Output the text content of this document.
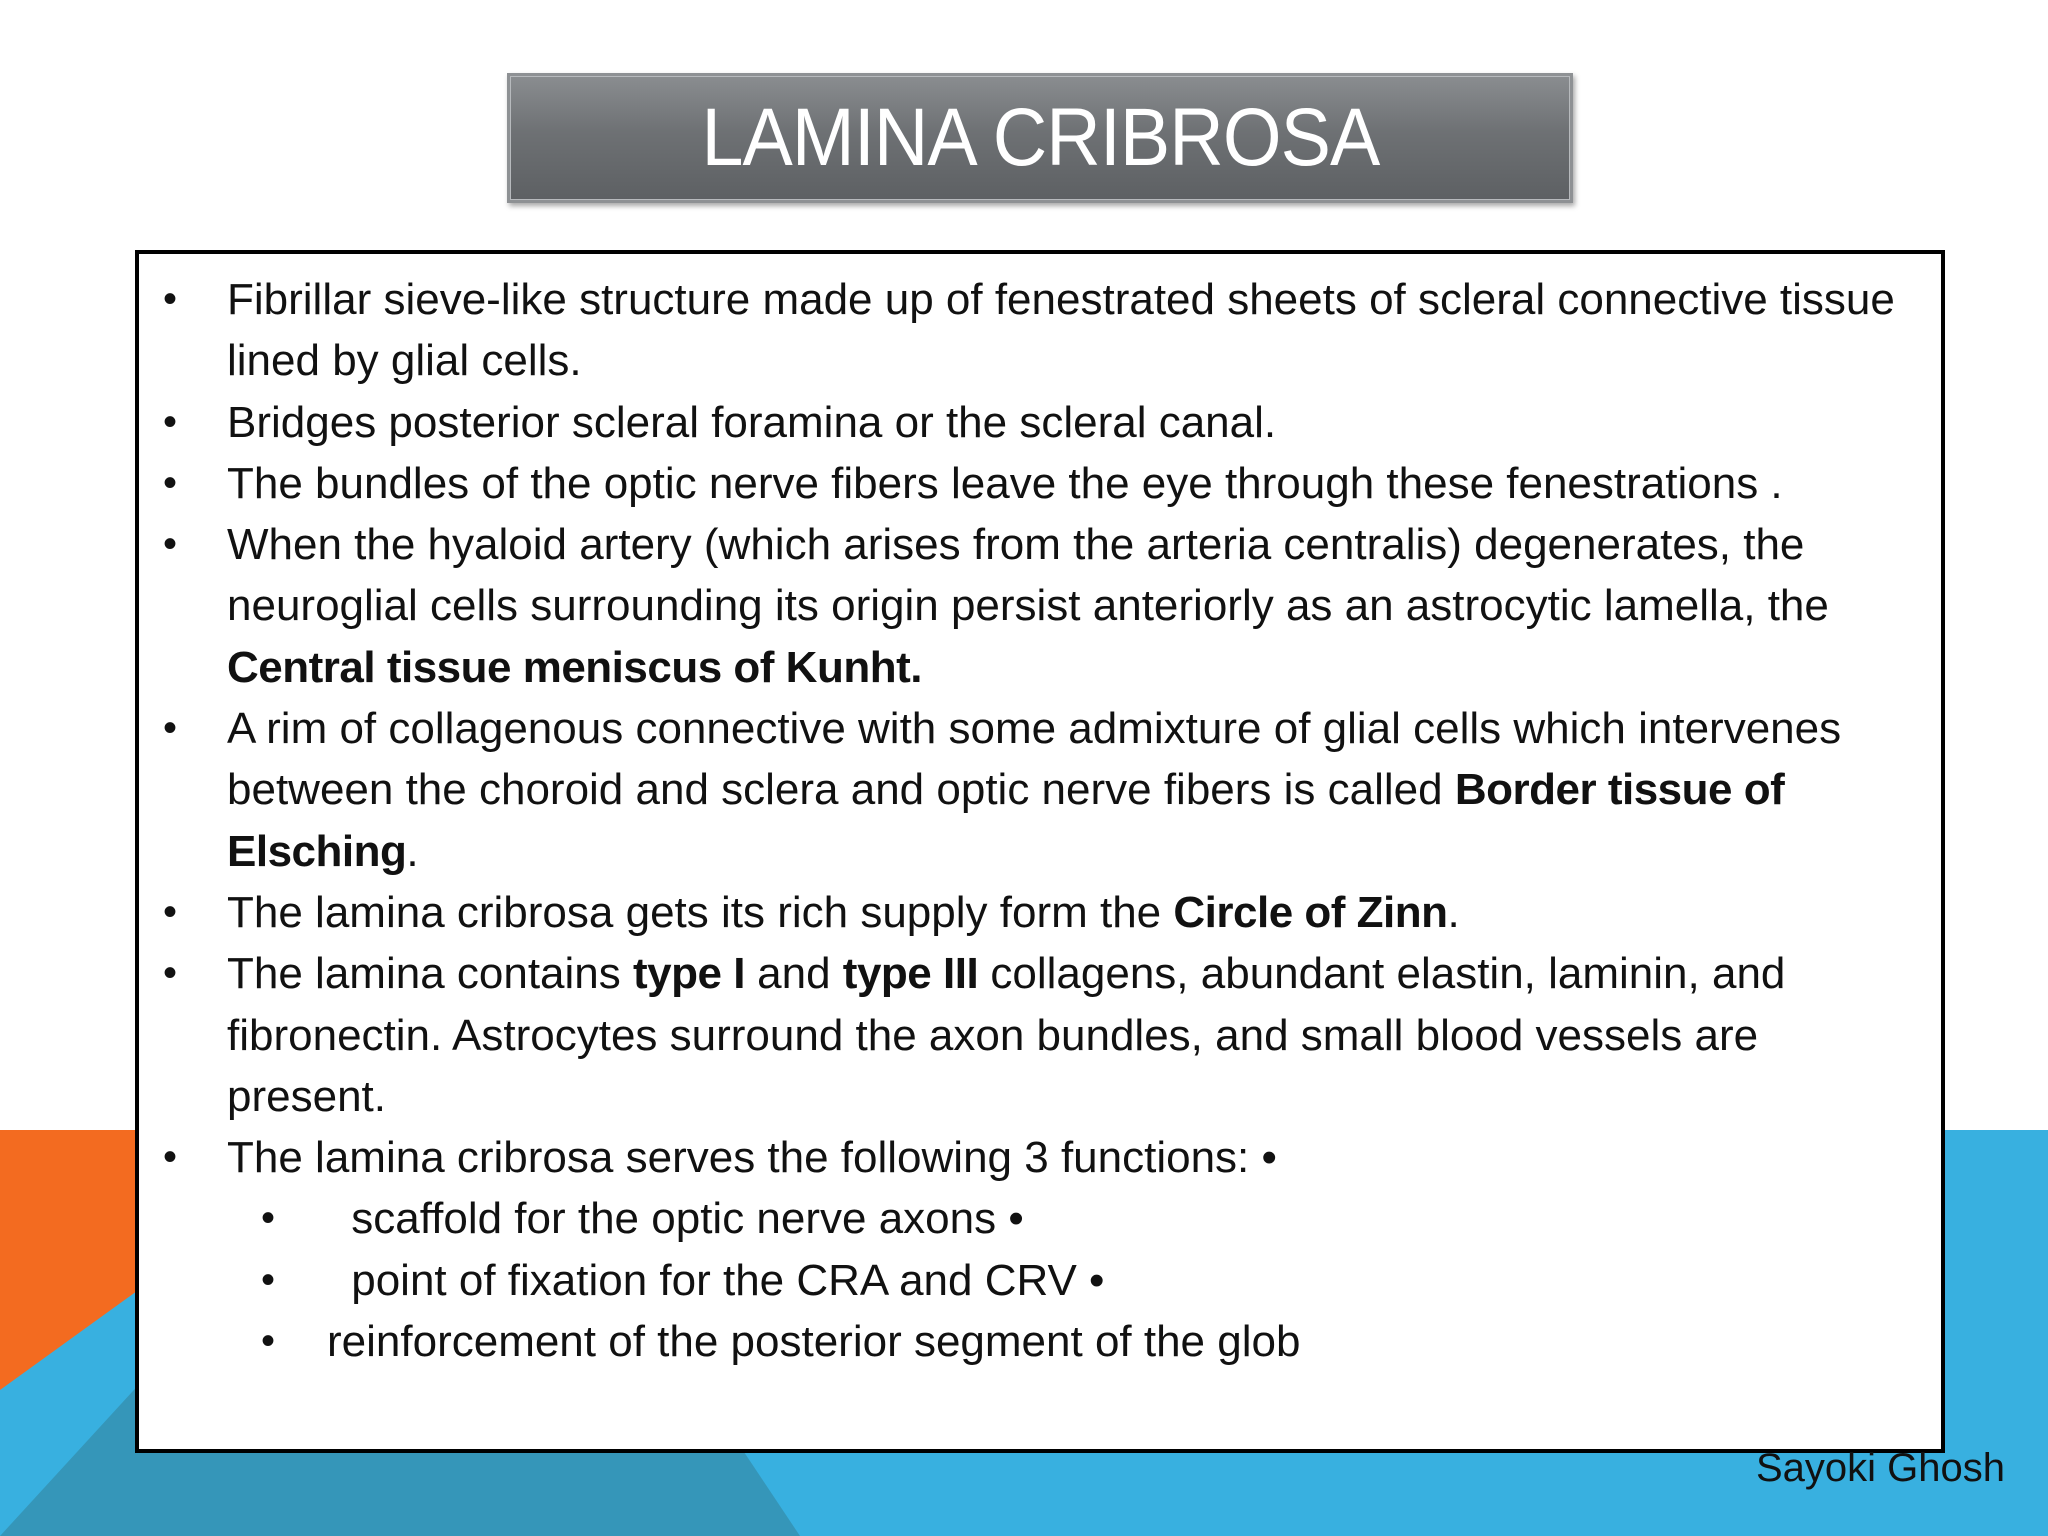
LAMINA CRIBROSA
• Fibrillar sieve-like structure made up of fenestrated sheets of scleral connective tissue lined by glial cells.
• Bridges posterior scleral foramina or the scleral canal.
• The bundles of the optic nerve fibers leave the eye through these fenestrations .
• When the hyaloid artery (which arises from the arteria centralis) degenerates, the neuroglial cells surrounding its origin persist anteriorly as an astrocytic lamella, the Central tissue meniscus of Kunht.
• A rim of collagenous connective with some admixture of glial cells which intervenes between the choroid and sclera and optic nerve fibers is called Border tissue of Elsching.
• The lamina cribrosa gets its rich supply form the Circle of Zinn.
• The lamina contains type I and type III collagens, abundant elastin, laminin, and fibronectin. Astrocytes surround the axon bundles, and small blood vessels are present.
• The lamina cribrosa serves the following 3 functions: •
• scaffold for the optic nerve axons •
• point of fixation for the CRA and CRV •
• reinforcement of the posterior segment of the glob
Sayoki Ghosh
